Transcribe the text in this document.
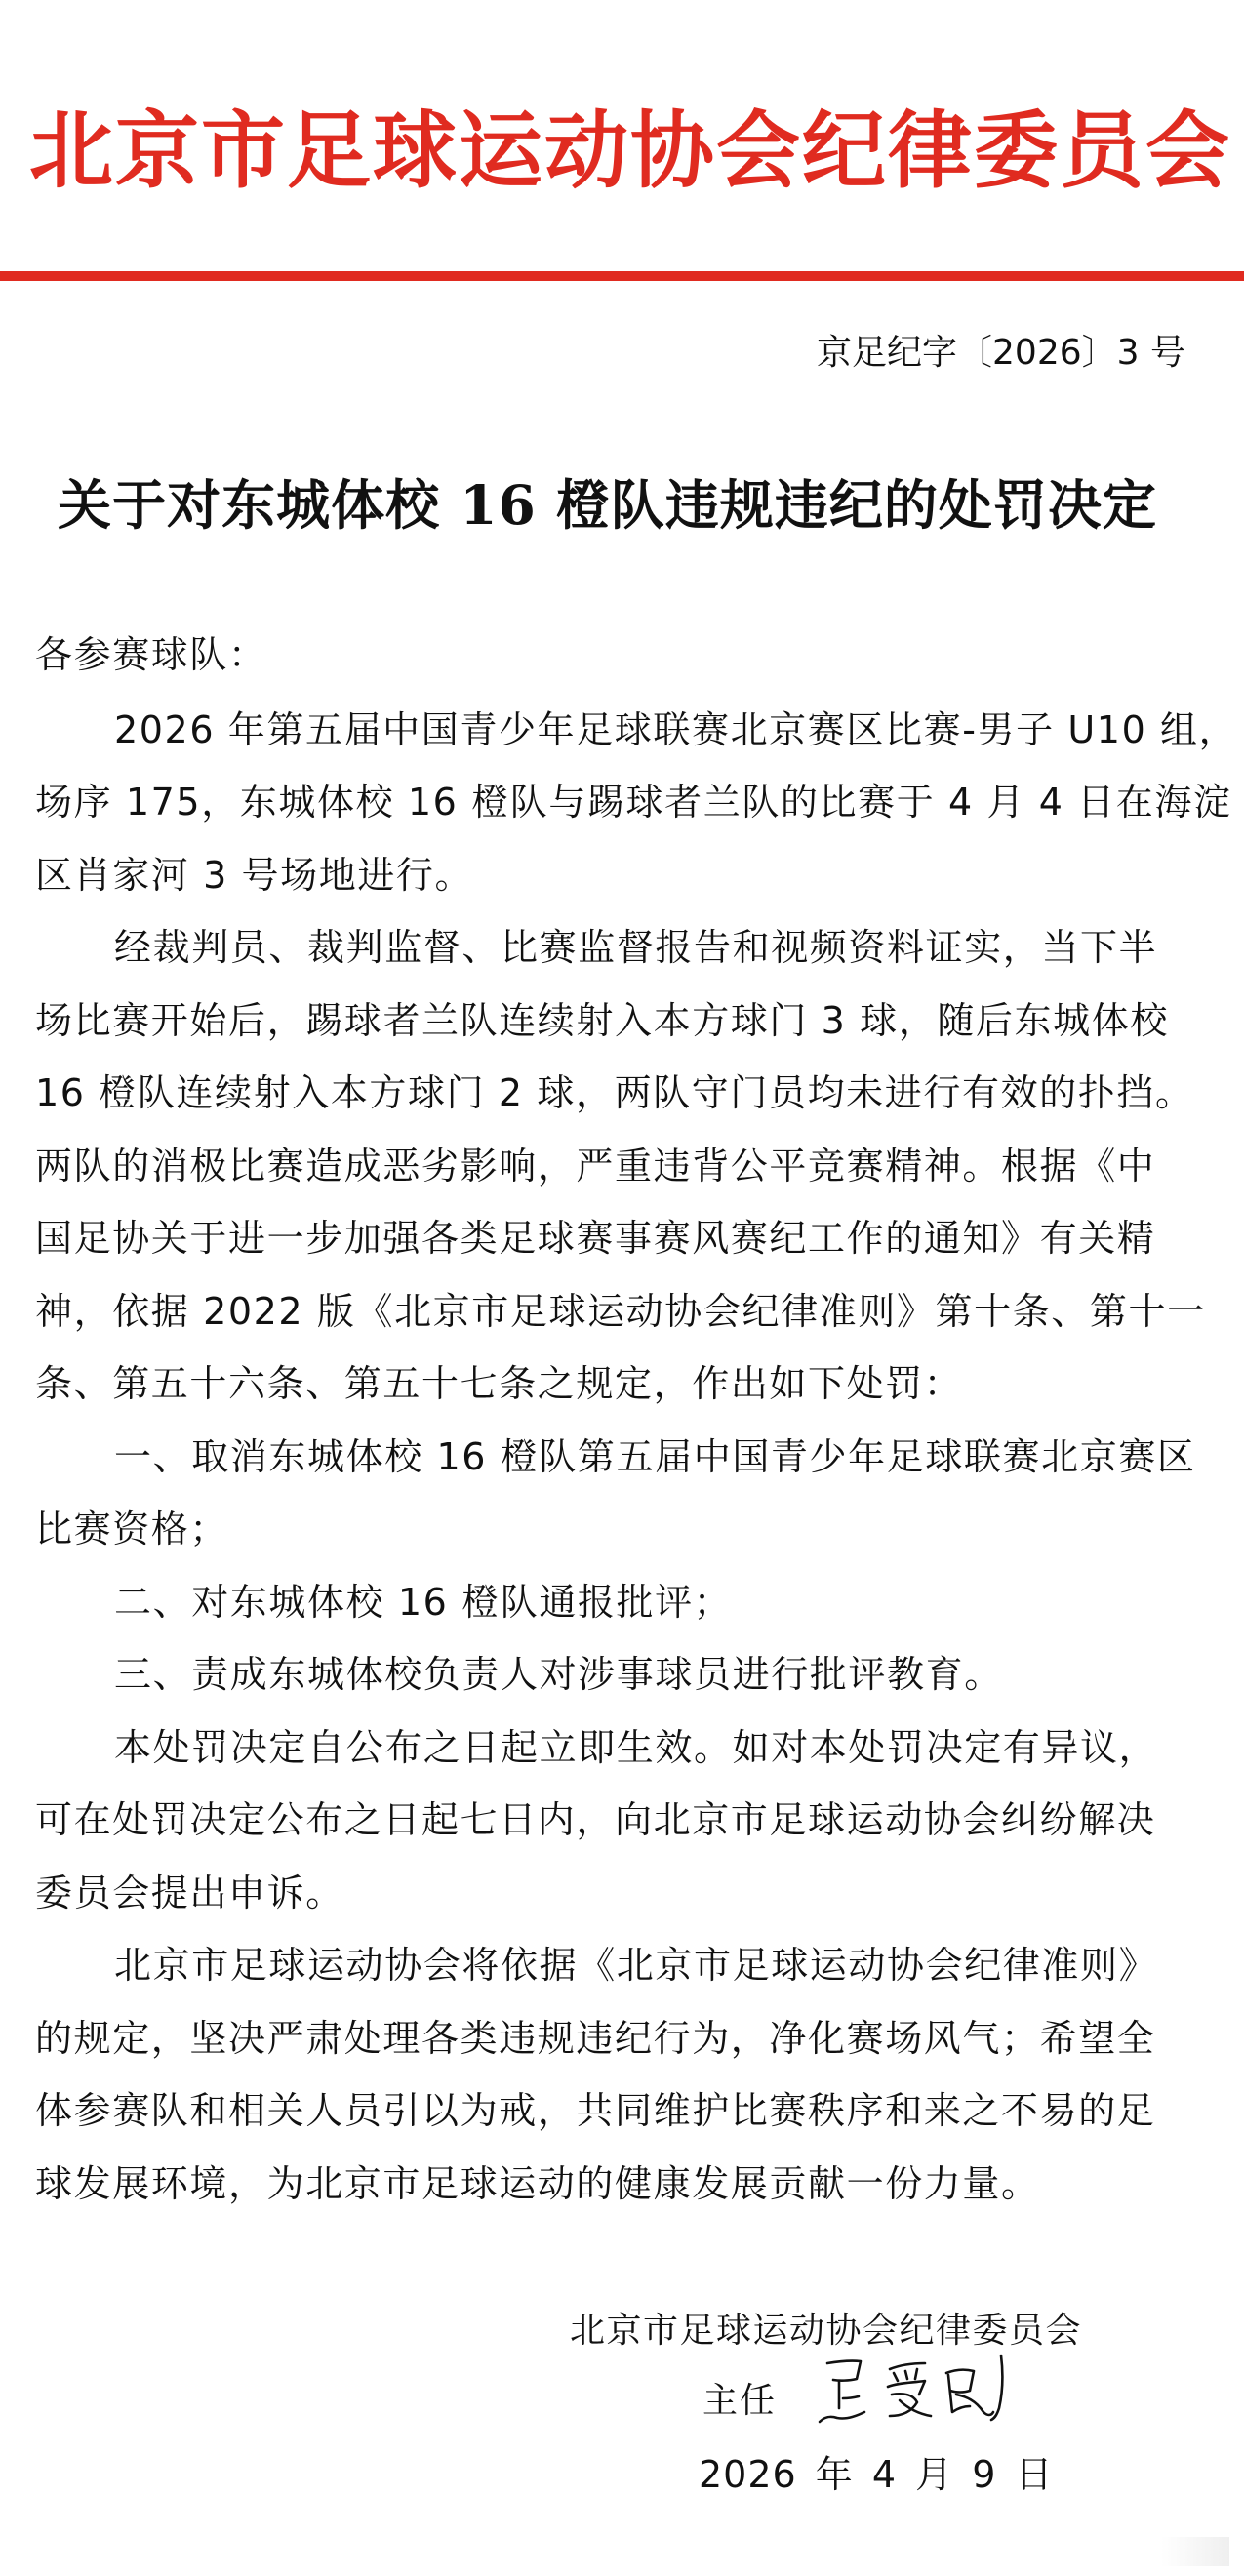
北京市足球运动协会纪律委员会
京足纪字〔2026〕3 号
关于对东城体校 16 橙队违规违纪的处罚决定
各参赛球队：
2026 年第五届中国青少年足球联赛北京赛区比赛-男子 U10 组，
场序 175，东城体校 16 橙队与踢球者兰队的比赛于 4 月 4 日在海淀
区肖家河 3 号场地进行。
经裁判员、裁判监督、比赛监督报告和视频资料证实，当下半
场比赛开始后，踢球者兰队连续射入本方球门 3 球，随后东城体校
16 橙队连续射入本方球门 2 球，两队守门员均未进行有效的扑挡。
两队的消极比赛造成恶劣影响，严重违背公平竞赛精神。根据《中
国足协关于进一步加强各类足球赛事赛风赛纪工作的通知》有关精
神，依据 2022 版《北京市足球运动协会纪律准则》第十条、第十一
条、第五十六条、第五十七条之规定，作出如下处罚：
一、取消东城体校 16 橙队第五届中国青少年足球联赛北京赛区
比赛资格；
二、对东城体校 16 橙队通报批评；
三、责成东城体校负责人对涉事球员进行批评教育。
本处罚决定自公布之日起立即生效。如对本处罚决定有异议，
可在处罚决定公布之日起七日内，向北京市足球运动协会纠纷解决
委员会提出申诉。
北京市足球运动协会将依据《北京市足球运动协会纪律准则》
的规定，坚决严肃处理各类违规违纪行为，净化赛场风气；希望全
体参赛队和相关人员引以为戒，共同维护比赛秩序和来之不易的足
球发展环境，为北京市足球运动的健康发展贡献一份力量。
北京市足球运动协会纪律委员会
主任
2026 年 4 月 9 日
